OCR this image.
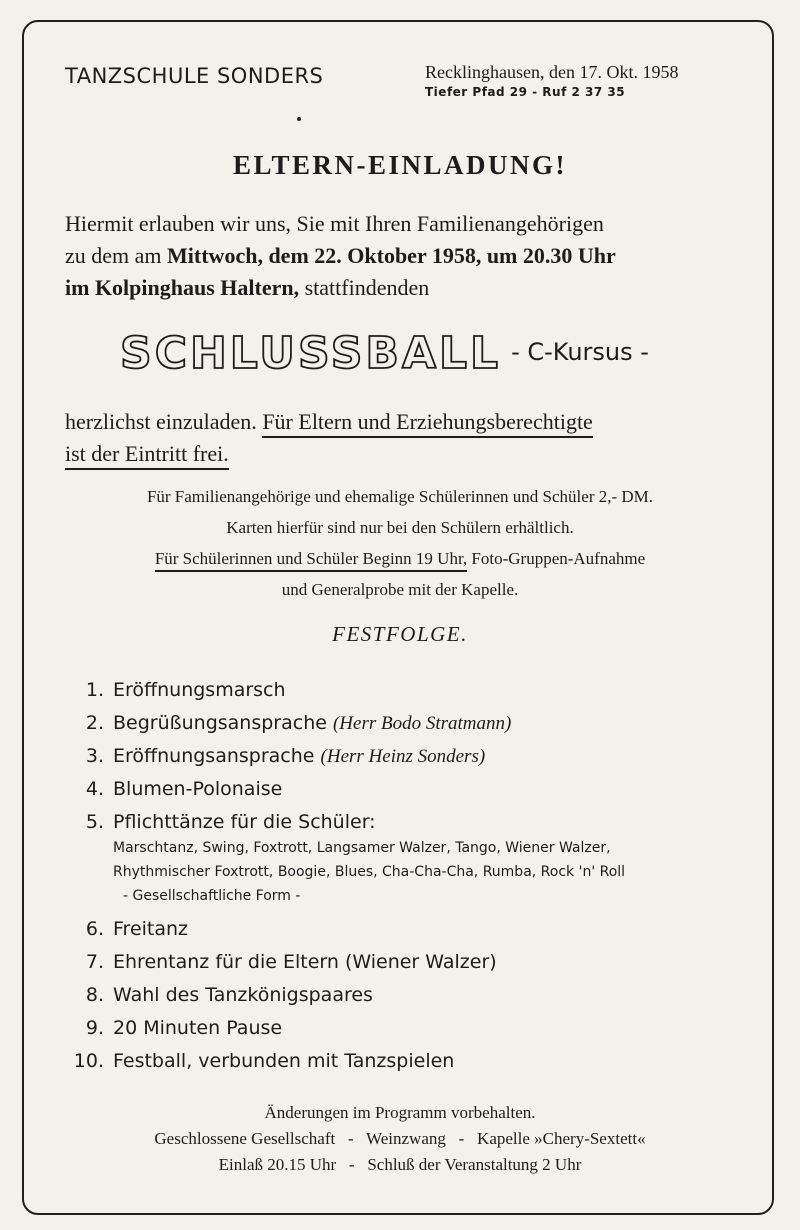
TANZSCHULE SONDERS	Recklinghausen, den 17. Okt. 1958
Tiefer Pfad 29 - Ruf 2 37 35
ELTERN-EINLADUNG!
Hiermit erlauben wir uns, Sie mit Ihren Familienangehörigen
zu dem am Mittwoch, dem 22. Oktober 1958, um 20.30 Uhr
im Kolpinghaus Haltern, stattfindenden
SCHLUSSBALL - C-Kursus -
herzlichst einzuladen. Für Eltern und Erziehungsberechtigte
ist der Eintritt frei.
Für Familienangehörige und ehemalige Schülerinnen und Schüler 2,- DM.
Karten hierfür sind nur bei den Schülern erhältlich.
Für Schülerinnen und Schüler Beginn 19 Uhr, Foto-Gruppen-Aufnahme
und Generalprobe mit der Kapelle.
FESTFOLGE.
1. Eröffnungsmarsch
2. Begrüßungsansprache (Herr Bodo Stratmann)
3. Eröffnungsansprache (Herr Heinz Sonders)
4. Blumen-Polonaise
5. Pflichttänze für die Schüler:
Marschtanz, Swing, Foxtrott, Langsamer Walzer, Tango, Wiener Walzer,
Rhythmischer Foxtrott, Boogie, Blues, Cha-Cha-Cha, Rumba, Rock 'n' Roll
- Gesellschaftliche Form -
6. Freitanz
7. Ehrentanz für die Eltern (Wiener Walzer)
8. Wahl des Tanzkönigspaares
9. 20 Minuten Pause
10. Festball, verbunden mit Tanzspielen
Änderungen im Programm vorbehalten.
Geschlossene Gesellschaft   -   Weinzwang   -   Kapelle »Chery-Sextett«
Einlaß 20.15 Uhr   -   Schluß der Veranstaltung 2 Uhr
